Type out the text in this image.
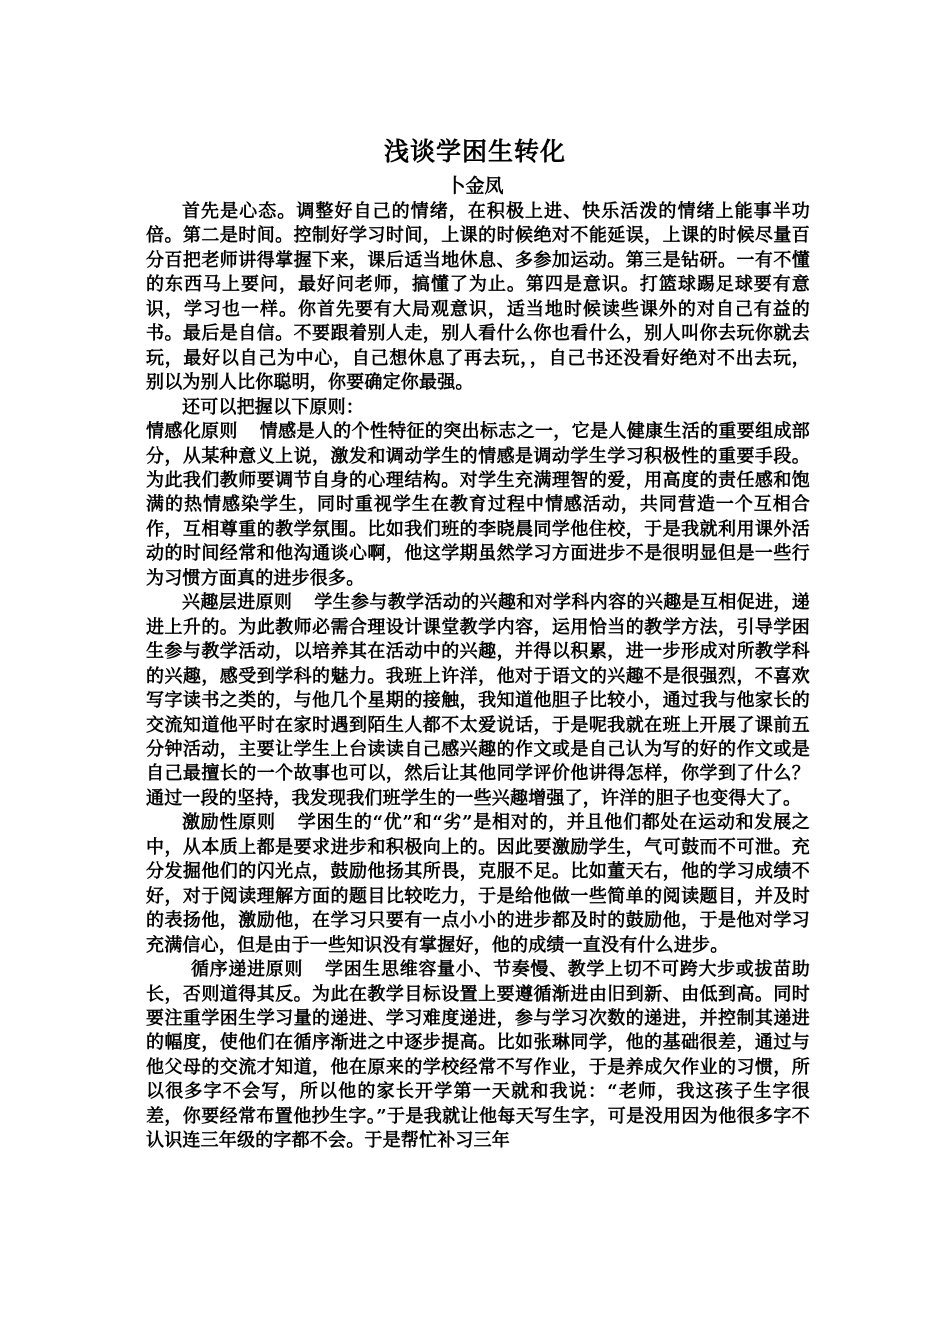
浅谈学困生转化
卜金凤

首先是心态。调整好自己的情绪，在积极上进、快乐活泼的情绪上能事半功倍。第二是时间。控制好学习时间，上课的时候绝对不能延误，上课的时候尽量百分百把老师讲得掌握下来，课后适当地休息、多参加运动。第三是钻研。一有不懂的东西马上要问，最好问老师，搞懂了为止。第四是意识。打篮球踢足球要有意识，学习也一样。你首先要有大局观意识，适当地时候读些课外的对自己有益的书。最后是自信。不要跟着别人走，别人看什么你也看什么，别人叫你去玩你就去玩，最好以自己为中心，自己想休息了再去玩，，自己书还没看好绝对不出去玩，别以为别人比你聪明，你要确定你最强。

还可以把握以下原则：

情感化原则 情感是人的个性特征的突出标志之一，它是人健康生活的重要组成部分，从某种意义上说，激发和调动学生的情感是调动学生学习积极性的重要手段。为此我们教师要调节自身的心理结构。对学生充满理智的爱，用高度的责任感和饱满的热情感染学生，同时重视学生在教育过程中情感活动，共同营造一个互相合作，互相尊重的教学氛围。比如我们班的李晓晨同学他住校，于是我就利用课外活动的时间经常和他沟通谈心啊，他这学期虽然学习方面进步不是很明显但是一些行为习惯方面真的进步很多。

兴趣层进原则 学生参与教学活动的兴趣和对学科内容的兴趣是互相促进，递进上升的。为此教师必需合理设计课堂教学内容，运用恰当的教学方法，引导学困生参与教学活动，以培养其在活动中的兴趣，并得以积累，进一步形成对所教学科的兴趣，感受到学科的魅力。我班上许洋，他对于语文的兴趣不是很强烈，不喜欢写字读书之类的，与他几个星期的接触，我知道他胆子比较小，通过我与他家长的交流知道他平时在家时遇到陌生人都不太爱说话，于是呢我就在班上开展了课前五分钟活动，主要让学生上台读读自己感兴趣的作文或是自己认为写的好的作文或是自己最擅长的一个故事也可以，然后让其他同学评价他讲得怎样，你学到了什么？通过一段的坚持，我发现我们班学生的一些兴趣增强了，许洋的胆子也变得大了。

激励性原则 学困生的“优”和“劣”是相对的，并且他们都处在运动和发展之中，从本质上都是要求进步和积极向上的。因此要激励学生，气可鼓而不可泄。充分发掘他们的闪光点，鼓励他扬其所畏，克服不足。比如董天右，他的学习成绩不好，对于阅读理解方面的题目比较吃力，于是给他做一些简单的阅读题目，并及时的表扬他，激励他，在学习只要有一点小小的进步都及时的鼓励他，于是他对学习充满信心，但是由于一些知识没有掌握好，他的成绩一直没有什么进步。

循序递进原则 学困生思维容量小、节奏慢、教学上切不可跨大步或拔苗助长，否则道得其反。为此在教学目标设置上要遵循渐进由旧到新、由低到高。同时要注重学困生学习量的递进、学习难度递进，参与学习次数的递进，并控制其递进的幅度，使他们在循序渐进之中逐步提高。比如张琳同学，他的基础很差，通过与他父母的交流才知道，他在原来的学校经常不写作业，于是养成欠作业的习惯，所以很多字不会写，所以他的家长开学第一天就和我说：“老师，我这孩子生字很差，你要经常布置他抄生字。”于是我就让他每天写生字，可是没用因为他很多字不认识连三年级的字都不会。于是帮忙补习三年
